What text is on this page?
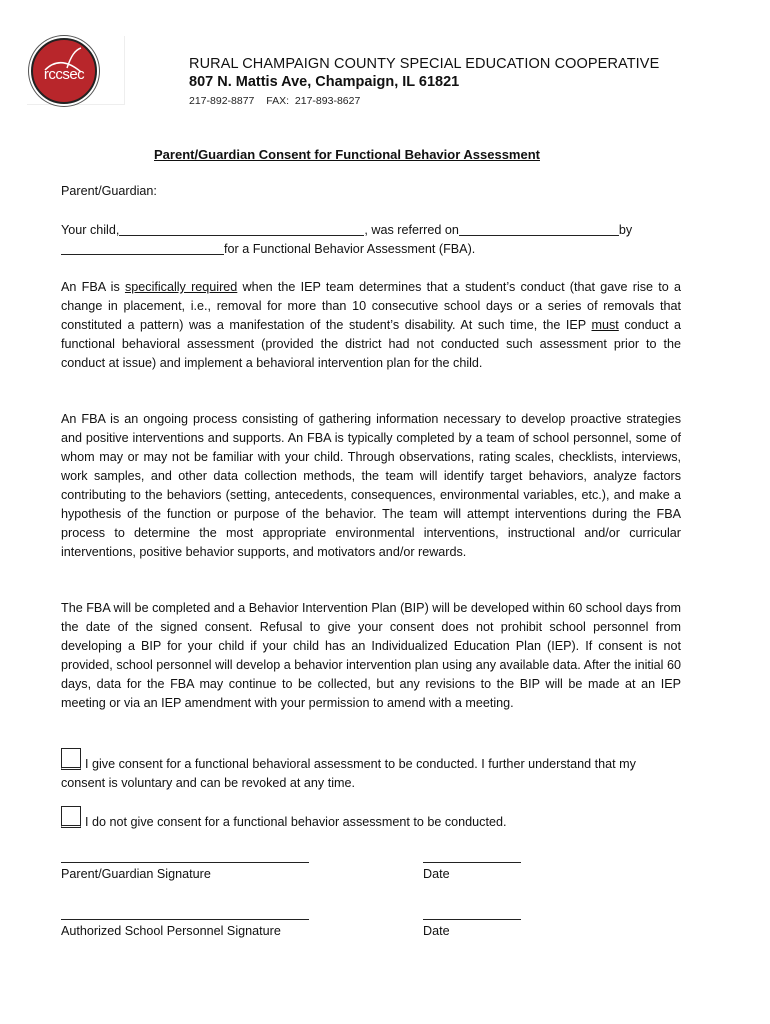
rccsec
RURAL CHAMPAIGN COUNTY SPECIAL EDUCATION COOPERATIVE
807 N. Mattis Ave, Champaign, IL 61821
217-892-8877 FAX: 217-893-8627
Parent/Guardian Consent for Functional Behavior Assessment
Parent/Guardian:
Your child,	, was referred on	by
for a Functional Behavior Assessment (FBA).
An FBA is specifically required when the IEP team determines that a student’s conduct (that gave rise to a change in placement, i.e., removal for more than 10 consecutive school days or a series of removals that constituted a pattern) was a manifestation of the student’s disability. At such time, the IEP must conduct a functional behavioral assessment (provided the district had not conducted such assessment prior to the conduct at issue) and implement a behavioral intervention plan for the child.
An FBA is an ongoing process consisting of gathering information necessary to develop proactive strategies and positive interventions and supports. An FBA is typically completed by a team of school personnel, some of whom may or may not be familiar with your child. Through observations, rating scales, checklists, interviews, work samples, and other data collection methods, the team will identify target behaviors, analyze factors contributing to the behaviors (setting, antecedents, consequences, environmental variables, etc.), and make a hypothesis of the function or purpose of the behavior. The team will attempt interventions during the FBA process to determine the most appropriate environmental interventions, instructional and/or curricular interventions, positive behavior supports, and motivators and/or rewards.
The FBA will be completed and a Behavior Intervention Plan (BIP) will be developed within 60 school days from the date of the signed consent. Refusal to give your consent does not prohibit school personnel from developing a BIP for your child if your child has an Individualized Education Plan (IEP). If consent is not provided, school personnel will develop a behavior intervention plan using any available data. After the initial 60 days, data for the FBA may continue to be collected, but any revisions to the BIP will be made at an IEP meeting or via an IEP amendment with your permission to amend with a meeting.
I give consent for a functional behavioral assessment to be conducted. I further understand that my consent is voluntary and can be revoked at any time.
I do not give consent for a functional behavior assessment to be conducted.
Parent/Guardian Signature	Date
Authorized School Personnel Signature	Date
